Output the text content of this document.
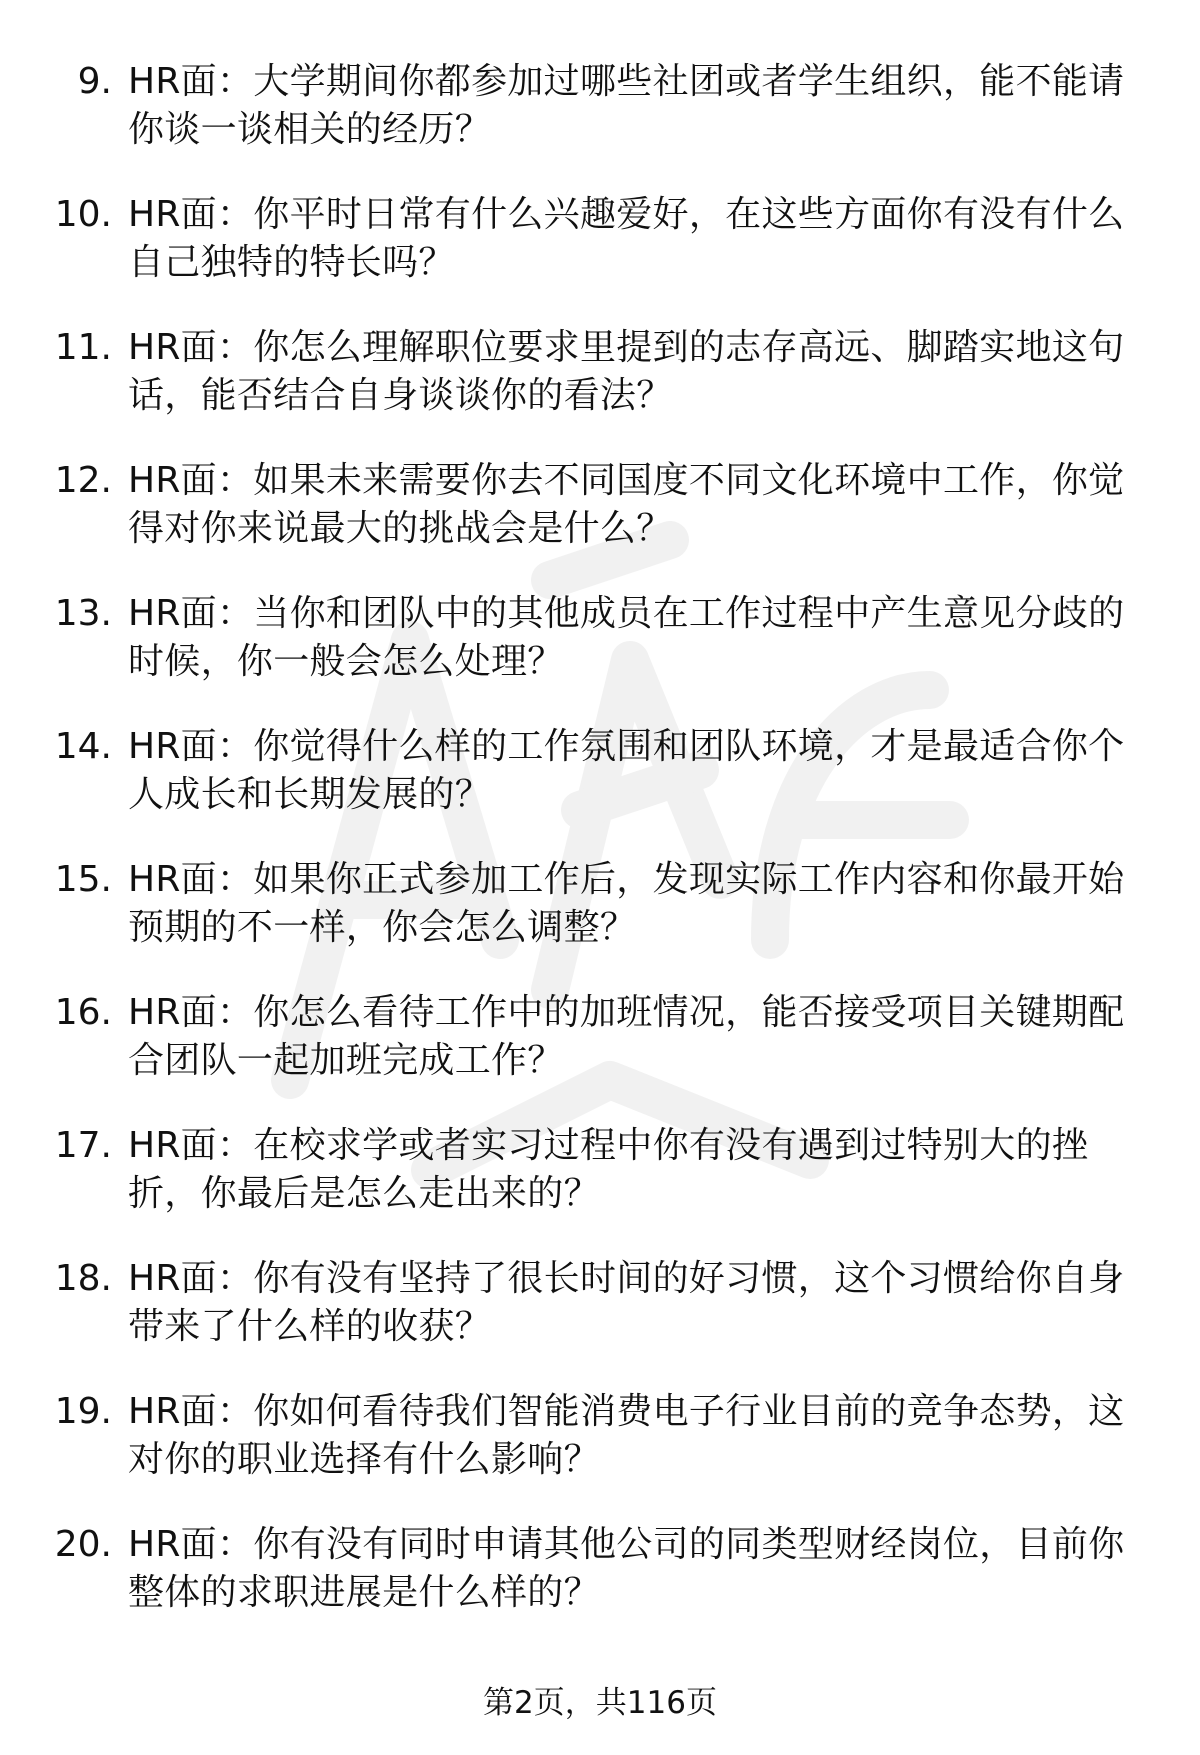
9. HR面：大学期间你都参加过哪些社团或者学生组织，能不能请你谈一谈相关的经历？
10. HR面：你平时日常有什么兴趣爱好，在这些方面你有没有什么自己独特的特长吗？
11. HR面：你怎么理解职位要求里提到的志存高远、脚踏实地这句话，能否结合自身谈谈你的看法？
12. HR面：如果未来需要你去不同国度不同文化环境中工作，你觉得对你来说最大的挑战会是什么？
13. HR面：当你和团队中的其他成员在工作过程中产生意见分歧的时候，你一般会怎么处理？
14. HR面：你觉得什么样的工作氛围和团队环境，才是最适合你个人成长和长期发展的？
15. HR面：如果你正式参加工作后，发现实际工作内容和你最开始预期的不一样，你会怎么调整？
16. HR面：你怎么看待工作中的加班情况，能否接受项目关键期配合团队一起加班完成工作？
17. HR面：在校求学或者实习过程中你有没有遇到过特别大的挫折，你最后是怎么走出来的？
18. HR面：你有没有坚持了很长时间的好习惯，这个习惯给你自身带来了什么样的收获？
19. HR面：你如何看待我们智能消费电子行业目前的竞争态势，这对你的职业选择有什么影响？
20. HR面：你有没有同时申请其他公司的同类型财经岗位，目前你整体的求职进展是什么样的？
第2页，共116页
